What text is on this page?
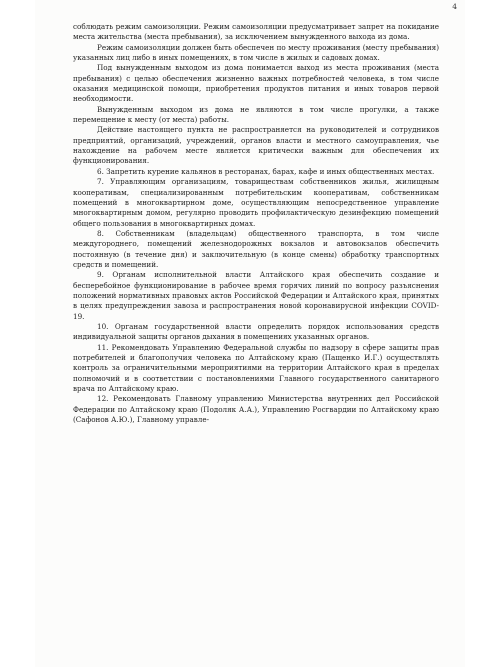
4

соблюдать режим самоизоляции. Режим самоизоляции предусматривает запрет на покидание места жительства (места пребывания), за исключением вынужденного выхода из дома.

Режим самоизоляции должен быть обеспечен по месту проживания (месту пребывания) указанных лиц либо в иных помещениях, в том числе в жилых и садовых домах.

Под вынужденным выходом из дома понимается выход из места проживания (места пребывания) с целью обеспечения жизненно важных потребностей человека, в том числе оказания медицинской помощи, приобретения продуктов питания и иных товаров первой необходимости.

Вынужденным выходом из дома не являются в том числе прогулки, а также перемещение к месту (от места) работы.

Действие настоящего пункта не распространяется на руководителей и сотрудников предприятий, организаций, учреждений, органов власти и местного самоуправления, чье нахождение на рабочем месте является критически важным для обеспечения их функционирования.

6. Запретить курение кальянов в ресторанах, барах, кафе и иных общественных местах.

7. Управляющим организациям, товариществам собственников жилья, жилищным кооперативам, специализированным потребительским кооперативам, собственникам помещений в многоквартирном доме, осуществляющим непосредственное управление многоквартирным домом, регулярно проводить профилактическую дезинфекцию помещений общего пользования в многоквартирных домах.

8. Собственникам (владельцам) общественного транспорта, в том числе междугороднего, помещений железнодорожных вокзалов и автовокзалов обеспечить постоянную (в течение дня) и заключительную (в конце смены) обработку транспортных средств и помещений.

9. Органам исполнительной власти Алтайского края обеспечить создание и бесперебойное функционирование в рабочее время горячих линий по вопросу разъяснения положений нормативных правовых актов Российской Федерации и Алтайского края, принятых в целях предупреждения завоза и распространения новой коронавирусной инфекции COVID-19.

10. Органам государственной власти определить порядок использования средств индивидуальной защиты органов дыхания в помещениях указанных органов.

11. Рекомендовать Управлению Федеральной службы по надзору в сфере защиты прав потребителей и благополучия человека по Алтайскому краю (Пащенко И.Г.) осуществлять контроль за ограничительными мероприятиями на территории Алтайского края в пределах полномочий и в соответствии с постановлениями Главного государственного санитарного врача по Алтайскому краю.

12. Рекомендовать Главному управлению Министерства внутренних дел Российской Федерации по Алтайскому краю (Подоляк А.А.), Управлению Росгвардии по Алтайскому краю (Сафонов А.Ю.), Главному управле-
